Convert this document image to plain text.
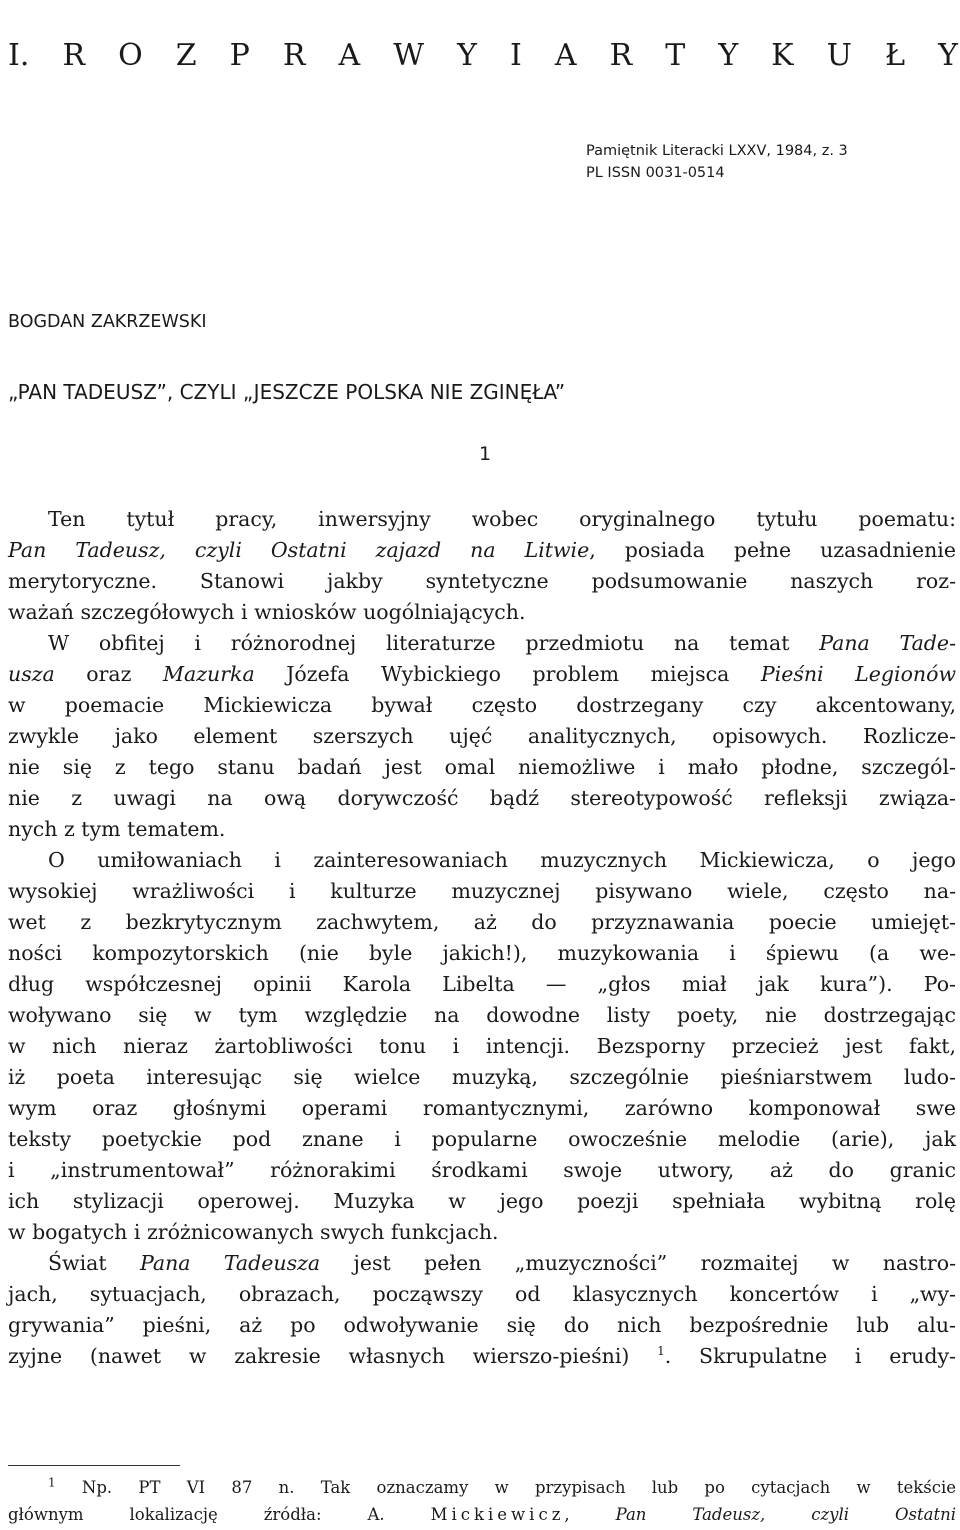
I. R O Z P R A W Y I A R T Y K U Ł Y
Pamiętnik Literacki LXXV, 1984, z. 3
PL ISSN 0031-0514
BOGDAN ZAKRZEWSKI
„PAN TADEUSZ”, CZYLI „JESZCZE POLSKA NIE ZGINĘŁA”
1
Ten tytuł pracy, inwersyjny wobec oryginalnego tytułu poematu:
Pan Tadeusz, czyli Ostatni zajazd na Litwie, posiada pełne uzasadnienie
merytoryczne. Stanowi jakby syntetyczne podsumowanie naszych roz-
ważań szczegółowych i wniosków uogólniających.
W obfitej i różnorodnej literaturze przedmiotu na temat Pana Tade-
usza oraz Mazurka Józefa Wybickiego problem miejsca Pieśni Legionów
w poemacie Mickiewicza bywał często dostrzegany czy akcentowany,
zwykle jako element szerszych ujęć analitycznych, opisowych. Rozlicze-
nie się z tego stanu badań jest omal niemożliwe i mało płodne, szczegól-
nie z uwagi na ową dorywczość bądź stereotypowość refleksji związa-
nych z tym tematem.
O umiłowaniach i zainteresowaniach muzycznych Mickiewicza, o jego
wysokiej wrażliwości i kulturze muzycznej pisywano wiele, często na-
wet z bezkrytycznym zachwytem, aż do przyznawania poecie umiejęt-
ności kompozytorskich (nie byle jakich!), muzykowania i śpiewu (a we-
dług współczesnej opinii Karola Libelta — „głos miał jak kura”). Po-
woływano się w tym względzie na dowodne listy poety, nie dostrzegając
w nich nieraz żartobliwości tonu i intencji. Bezsporny przecież jest fakt,
iż poeta interesując się wielce muzyką, szczególnie pieśniarstwem ludo-
wym oraz głośnymi operami romantycznymi, zarówno komponował swe
teksty poetyckie pod znane i popularne owocześnie melodie (arie), jak
i „instrumentował” różnorakimi środkami swoje utwory, aż do granic
ich stylizacji operowej. Muzyka w jego poezji spełniała wybitną rolę
w bogatych i zróżnicowanych swych funkcjach.
Świat Pana Tadeusza jest pełen „muzyczności” rozmaitej w nastro-
jach, sytuacjach, obrazach, począwszy od klasycznych koncertów i „wy-
grywania” pieśni, aż po odwoływanie się do nich bezpośrednie lub alu-
zyjne (nawet w zakresie własnych wierszo-pieśni) $^1$. Skrupulatne i erudy-
$^1$ Np. PT VI 87 n. Tak oznaczamy w przypisach lub po cytacjach w tekście
głównym lokalizację źródła: A. Mickiewicz, Pan Tadeusz, czyli Ostatni
